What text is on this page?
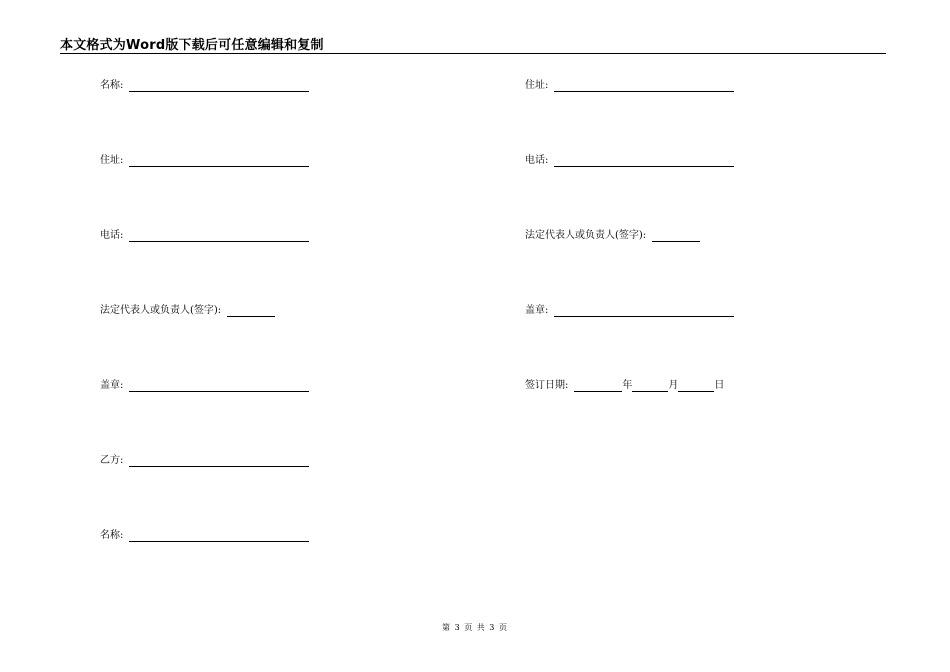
本文格式为Word版下载后可任意编辑和复制
名称:
住址:
电话:
法定代表人或负责人(签字):
盖章:
乙方:
名称:
住址:
电话:
法定代表人或负责人(签字):
盖章:
签订日期:	年	月	日
第 3 页 共 3 页
